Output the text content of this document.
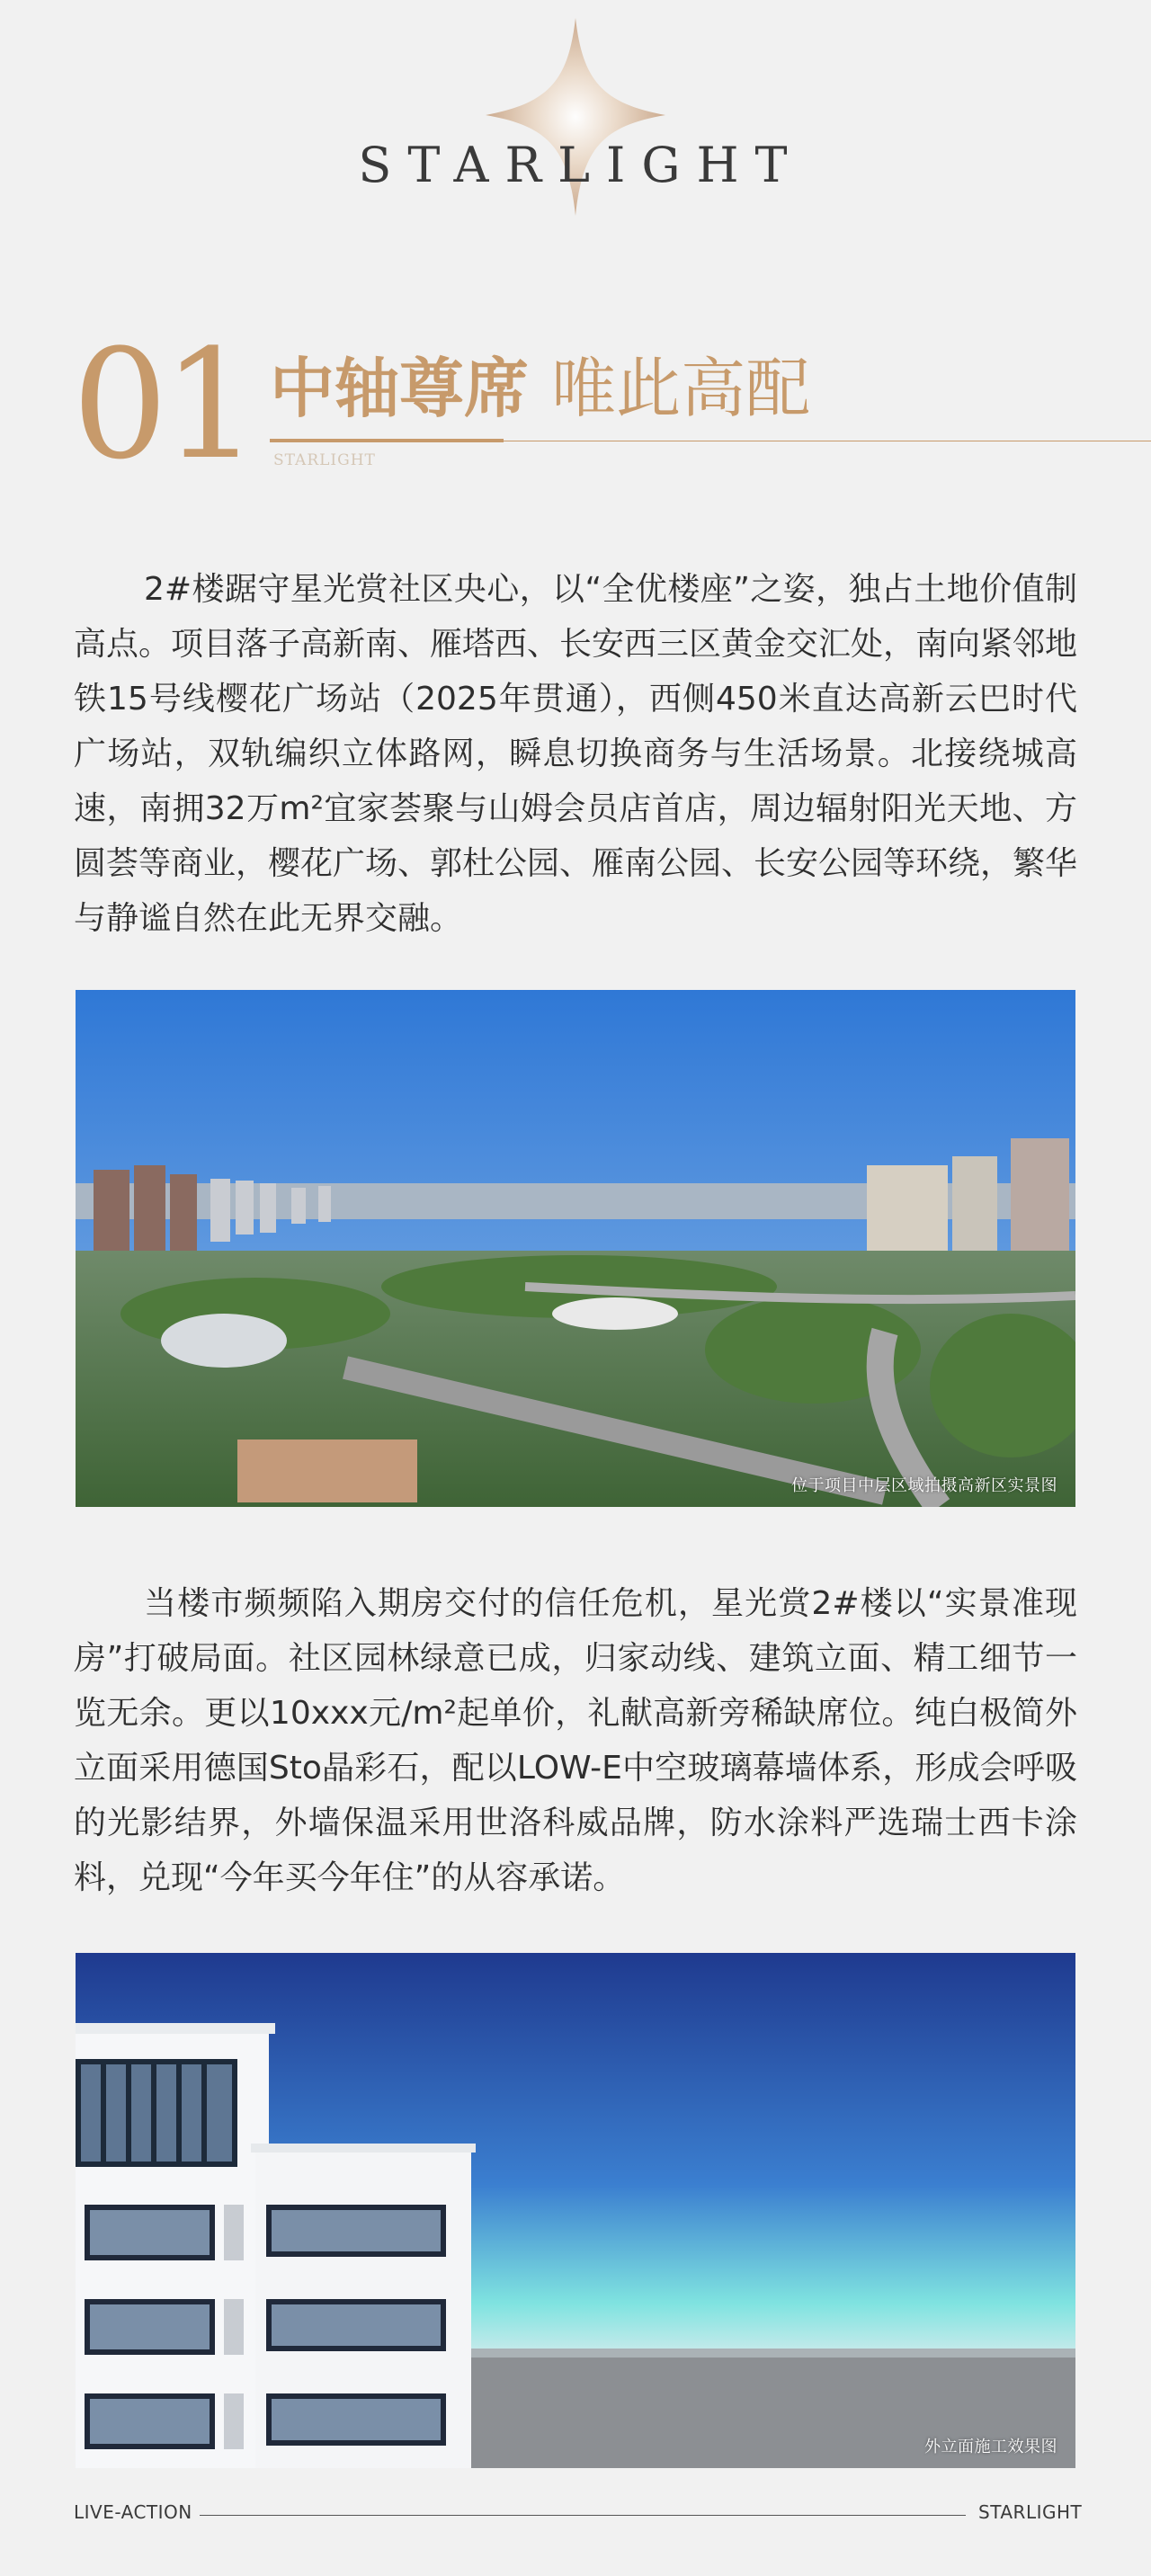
STARLIGHT
01 中轴尊席 唯此高配
STARLIGHT

2#楼踞守星光赏社区央心，以“全优楼座”之姿，独占土地价值制高点。项目落子高新南、雁塔西、长安西三区黄金交汇处，南向紧邻地铁15号线樱花广场站（2025年贯通），西侧450米直达高新云巴时代广场站，双轨编织立体路网，瞬息切换商务与生活场景。北接绕城高速，南拥32万m²宜家荟聚与山姆会员店首店，周边辐射阳光天地、方圆荟等商业，樱花广场、郭杜公园、雁南公园、长安公园等环绕，繁华与静谧自然在此无界交融。

位于项目中层区域拍摄高新区实景图

当楼市频频陷入期房交付的信任危机，星光赏2#楼以“实景准现房”打破局面。社区园林绿意已成，归家动线、建筑立面、精工细节一览无余。更以10xxx元/m²起单价，礼献高新旁稀缺席位。纯白极简外立面采用德国Sto晶彩石，配以LOW-E中空玻璃幕墙体系，形成会呼吸的光影结界，外墙保温采用世洛科威品牌，防水涂料严选瑞士西卡涂料，兑现“今年买今年住”的从容承诺。

外立面施工效果图
LIVE-ACTION	STARLIGHT
